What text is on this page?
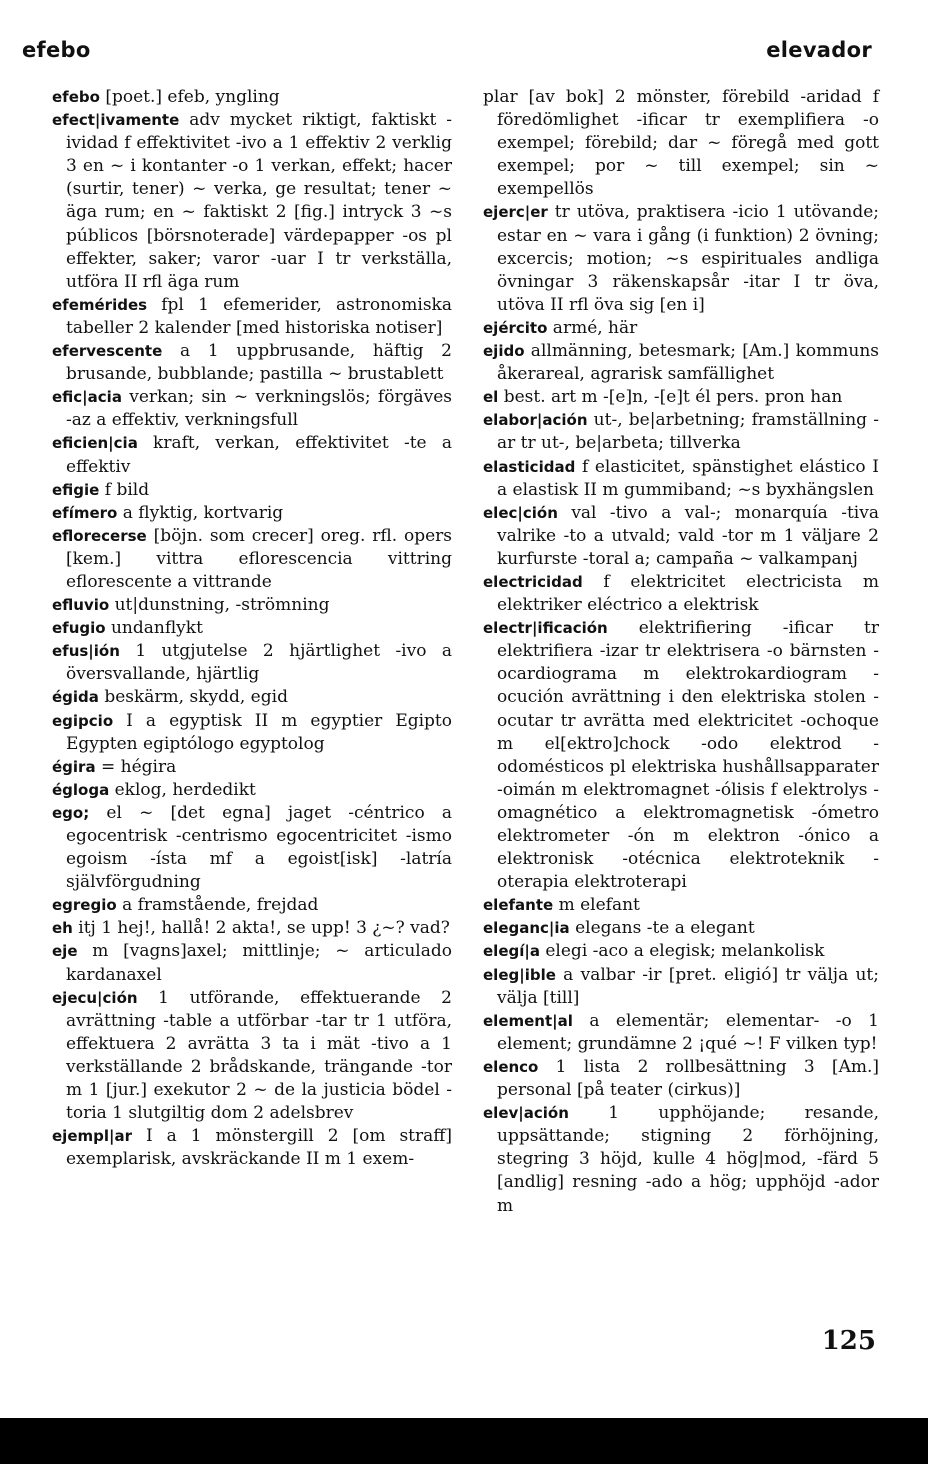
efebo	elevador

efebo [poet.] efeb, yngling

efect|ivamente adv mycket riktigt, faktiskt -ividad f effektivitet -ivo a 1 effektiv 2 verklig 3 en ~ i kontanter -o 1 verkan, effekt; hacer (surtir, tener) ~ verka, ge resultat; tener ~ äga rum; en ~ faktiskt 2 [fig.] intryck 3 ~s públicos [börsnoterade] värdepapper -os pl effekter, saker; varor -uar I tr verkställa, utföra II rfl äga rum

efemérides fpl 1 efemerider, astronomiska tabeller 2 kalender [med historiska notiser]

efervescente a 1 uppbrusande, häftig 2 brusande, bubblande; pastilla ~ brustablett

efic|acia verkan; sin ~ verkningslös; förgäves -az a effektiv, verkningsfull

eficien|cia kraft, verkan, effektivitet -te a effektiv

efigie f bild

efímero a flyktig, kortvarig

eflorecerse [böjn. som crecer] oreg. rfl. opers [kem.] vittra eflorescencia vittring eflorescente a vittrande

efluvio ut|dunstning, -strömning

efugio undanflykt

efus|ión 1 utgjutelse 2 hjärtlighet -ivo a översvallande, hjärtlig

égida beskärm, skydd, egid

egipcio I a egyptisk II m egyptier Egipto Egypten egiptólogo egyptolog

égira = hégira

égloga eklog, herdedikt

ego; el ~ [det egna] jaget -céntrico a egocentrisk -centrismo egocentricitet -ismo egoism -ísta mf a egoist[isk] -latría självförgudning

egregio a framstående, frejdad

eh itj 1 hej!, hallå! 2 akta!, se upp! 3 ¿~? vad?

eje m [vagns]axel; mittlinje; ~ articulado kardanaxel

ejecu|ción 1 utförande, effektuerande 2 avrättning -table a utförbar -tar tr 1 utföra, effektuera 2 avrätta 3 ta i mät -tivo a 1 verkställande 2 brådskande, trängande -tor m 1 [jur.] exekutor 2 ~ de la justicia bödel -toria 1 slutgiltig dom 2 adelsbrev

ejempl|ar I a 1 mönstergill 2 [om straff] exemplarisk, avskräckande II m 1 exem-

plar [av bok] 2 mönster, förebild -aridad f föredömlighet -ificar tr exemplifiera -o exempel; förebild; dar ~ föregå med gott exempel; por ~ till exempel; sin ~ exempellös

ejerc|er tr utöva, praktisera -icio 1 utövande; estar en ~ vara i gång (i funktion) 2 övning; excercis; motion; ~s espirituales andliga övningar 3 räkenskapsår -itar I tr öva, utöva II rfl öva sig [en i]

ejército armé, här

ejido allmänning, betesmark; [Am.] kommuns åkerareal, agrarisk samfällighet

el best. art m -[e]n, -[e]t él pers. pron han

elabor|ación ut-, be|arbetning; framställning -ar tr ut-, be|arbeta; tillverka

elasticidad f elasticitet, spänstighet elástico I a elastisk II m gummiband; ~s byxhängslen

elec|ción val -tivo a val-; monarquía -tiva valrike -to a utvald; vald -tor m 1 väljare 2 kurfurste -toral a; campaña ~ valkampanj

electricidad f elektricitet electricista m elektriker eléctrico a elektrisk

electr|ificación elektrifiering -ificar tr elektrifiera -izar tr elektrisera -o bärnsten -ocardiograma m elektrokardiogram -ocución avrättning i den elektriska stolen -ocutar tr avrätta med elektricitet -ochoque m el[ektro]chock -odo elektrod -odomésticos pl elektriska hushållsapparater -oimán m elektromagnet -ólisis f elektrolys -omagnético a elektromagnetisk -ómetro elektrometer -ón m elektron -ónico a elektronisk -otécnica elektroteknik -oterapia elektroterapi

elefante m elefant

eleganc|ia elegans -te a elegant

elegí|a elegi -aco a elegisk; melankolisk

eleg|ible a valbar -ir [pret. eligió] tr välja ut; välja [till]

element|al a elementär; elementar- -o 1 element; grundämne 2 ¡qué ~! F vilken typ!

elenco 1 lista 2 rollbesättning 3 [Am.] personal [på teater (cirkus)]

elev|ación 1 upphöjande; resande, uppsättande; stigning 2 förhöjning, stegring 3 höjd, kulle 4 hög|mod, -färd 5 [andlig] resning -ado a hög; upphöjd -ador m

125
